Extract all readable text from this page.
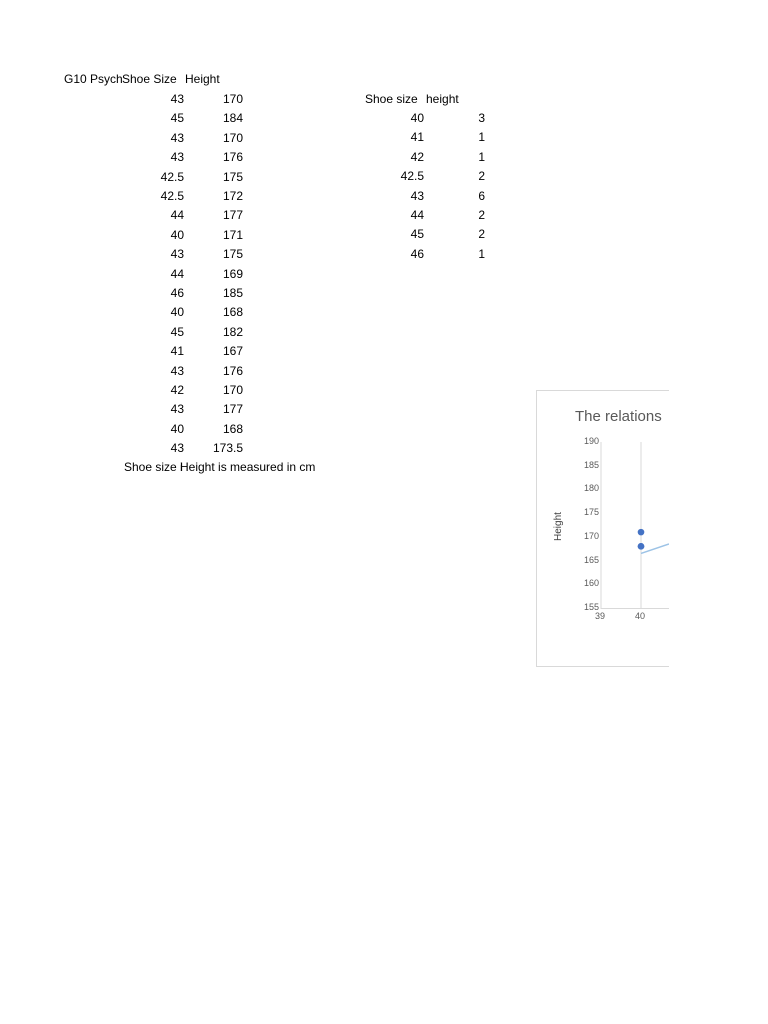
G10 Psych Shoe Size Height
43	170
45	184
43	170
43	176
42.5	175
42.5	172
44	177
40	171
43	175
44	169
46	185
40	168
45	182
41	167
43	176
42	170
43	177
40	168
43	173.5
Shoe size i
Height is measured in cm
Shoe size height
40	3
41	1
42	1
42.5	2
43	6
44	2
45	2
46	1
The relations
Height
155
160
165
170
175
180
185
190
39	40
